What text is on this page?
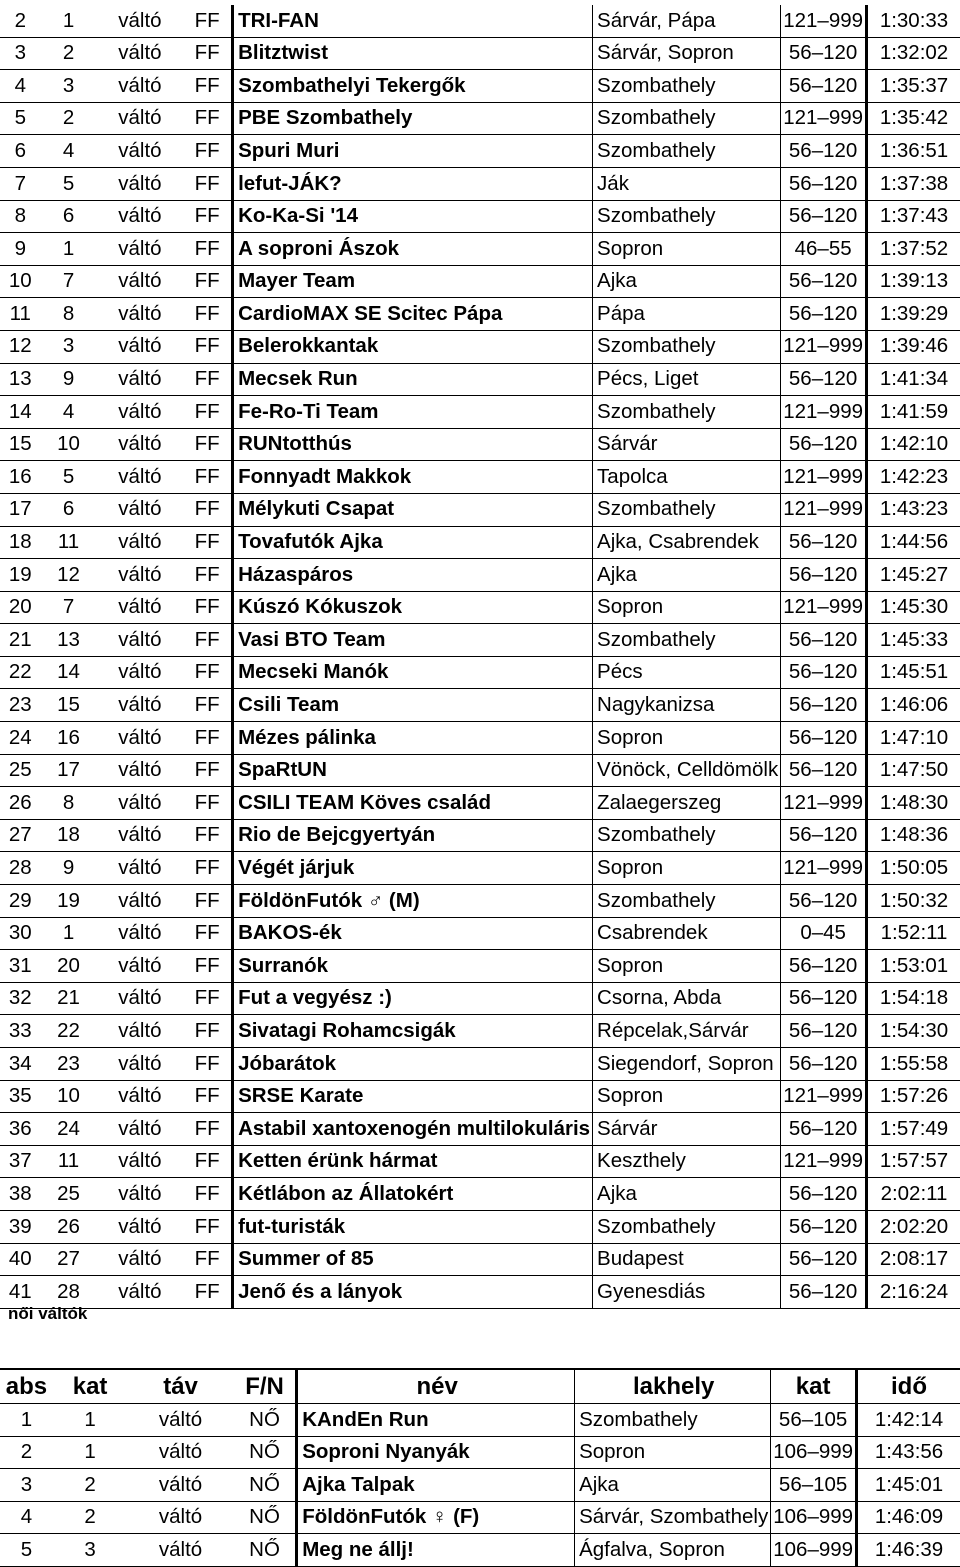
2	1	váltó	FF	TRI-FAN	Sárvár, Pápa	121–999	1:30:33
3	2	váltó	FF	Blitztwist	Sárvár, Sopron	56–120	1:32:02
4	3	váltó	FF	Szombathelyi Tekergők	Szombathely	56–120	1:35:37
5	2	váltó	FF	PBE Szombathely	Szombathely	121–999	1:35:42
6	4	váltó	FF	Spuri Muri	Szombathely	56–120	1:36:51
7	5	váltó	FF	lefut-JÁK?	Ják	56–120	1:37:38
8	6	váltó	FF	Ko-Ka-Si '14	Szombathely	56–120	1:37:43
9	1	váltó	FF	A soproni Ászok	Sopron	46–55	1:37:52
10	7	váltó	FF	Mayer Team	Ajka	56–120	1:39:13
11	8	váltó	FF	CardioMAX SE Scitec Pápa	Pápa	56–120	1:39:29
12	3	váltó	FF	Belerokkantak	Szombathely	121–999	1:39:46
13	9	váltó	FF	Mecsek Run	Pécs, Liget	56–120	1:41:34
14	4	váltó	FF	Fe-Ro-Ti Team	Szombathely	121–999	1:41:59
15	10	váltó	FF	RUNtotthús	Sárvár	56–120	1:42:10
16	5	váltó	FF	Fonnyadt Makkok	Tapolca	121–999	1:42:23
17	6	váltó	FF	Mélykuti Csapat	Szombathely	121–999	1:43:23
18	11	váltó	FF	Tovafutók Ajka	Ajka, Csabrendek	56–120	1:44:56
19	12	váltó	FF	Házaspáros	Ajka	56–120	1:45:27
20	7	váltó	FF	Kúszó Kókuszok	Sopron	121–999	1:45:30
21	13	váltó	FF	Vasi BTO Team	Szombathely	56–120	1:45:33
22	14	váltó	FF	Mecseki Manók	Pécs	56–120	1:45:51
23	15	váltó	FF	Csili Team	Nagykanizsa	56–120	1:46:06
24	16	váltó	FF	Mézes pálinka	Sopron	56–120	1:47:10
25	17	váltó	FF	SpaRtUN	Vönöck, Celldömölk	56–120	1:47:50
26	8	váltó	FF	CSILI TEAM Köves család	Zalaegerszeg	121–999	1:48:30
27	18	váltó	FF	Rio de Bejcgyertyán	Szombathely	56–120	1:48:36
28	9	váltó	FF	Végét járjuk	Sopron	121–999	1:50:05
29	19	váltó	FF	FöldönFutók ♂ (M)	Szombathely	56–120	1:50:32
30	1	váltó	FF	BAKOS-ék	Csabrendek	0–45	1:52:11
31	20	váltó	FF	Surranók	Sopron	56–120	1:53:01
32	21	váltó	FF	Fut a vegyész :)	Csorna, Abda	56–120	1:54:18
33	22	váltó	FF	Sivatagi Rohamcsigák	Répcelak,Sárvár	56–120	1:54:30
34	23	váltó	FF	Jóbarátok	Siegendorf, Sopron	56–120	1:55:58
35	10	váltó	FF	SRSE Karate	Sopron	121–999	1:57:26
36	24	váltó	FF	Astabil xantoxenogén multilokuláris	Sárvár	56–120	1:57:49
37	11	váltó	FF	Ketten érünk hármat	Keszthely	121–999	1:57:57
38	25	váltó	FF	Kétlábon az Állatokért	Ajka	56–120	2:02:11
39	26	váltó	FF	fut-turisták	Szombathely	56–120	2:02:20
40	27	váltó	FF	Summer of 85	Budapest	56–120	2:08:17
41	28	váltó	FF	Jenő és a lányok	Gyenesdiás	56–120	2:16:24
női váltók
abs	kat	táv	F/N	név	lakhely	kat	idő
1	1	váltó	NŐ	KAndEn Run	Szombathely	56–105	1:42:14
2	1	váltó	NŐ	Soproni Nyanyák	Sopron	106–999	1:43:56
3	2	váltó	NŐ	Ajka Talpak	Ajka	56–105	1:45:01
4	2	váltó	NŐ	FöldönFutók ♀ (F)	Sárvár, Szombathely	106–999	1:46:09
5	3	váltó	NŐ	Meg ne állj!	Ágfalva, Sopron	106–999	1:46:39
